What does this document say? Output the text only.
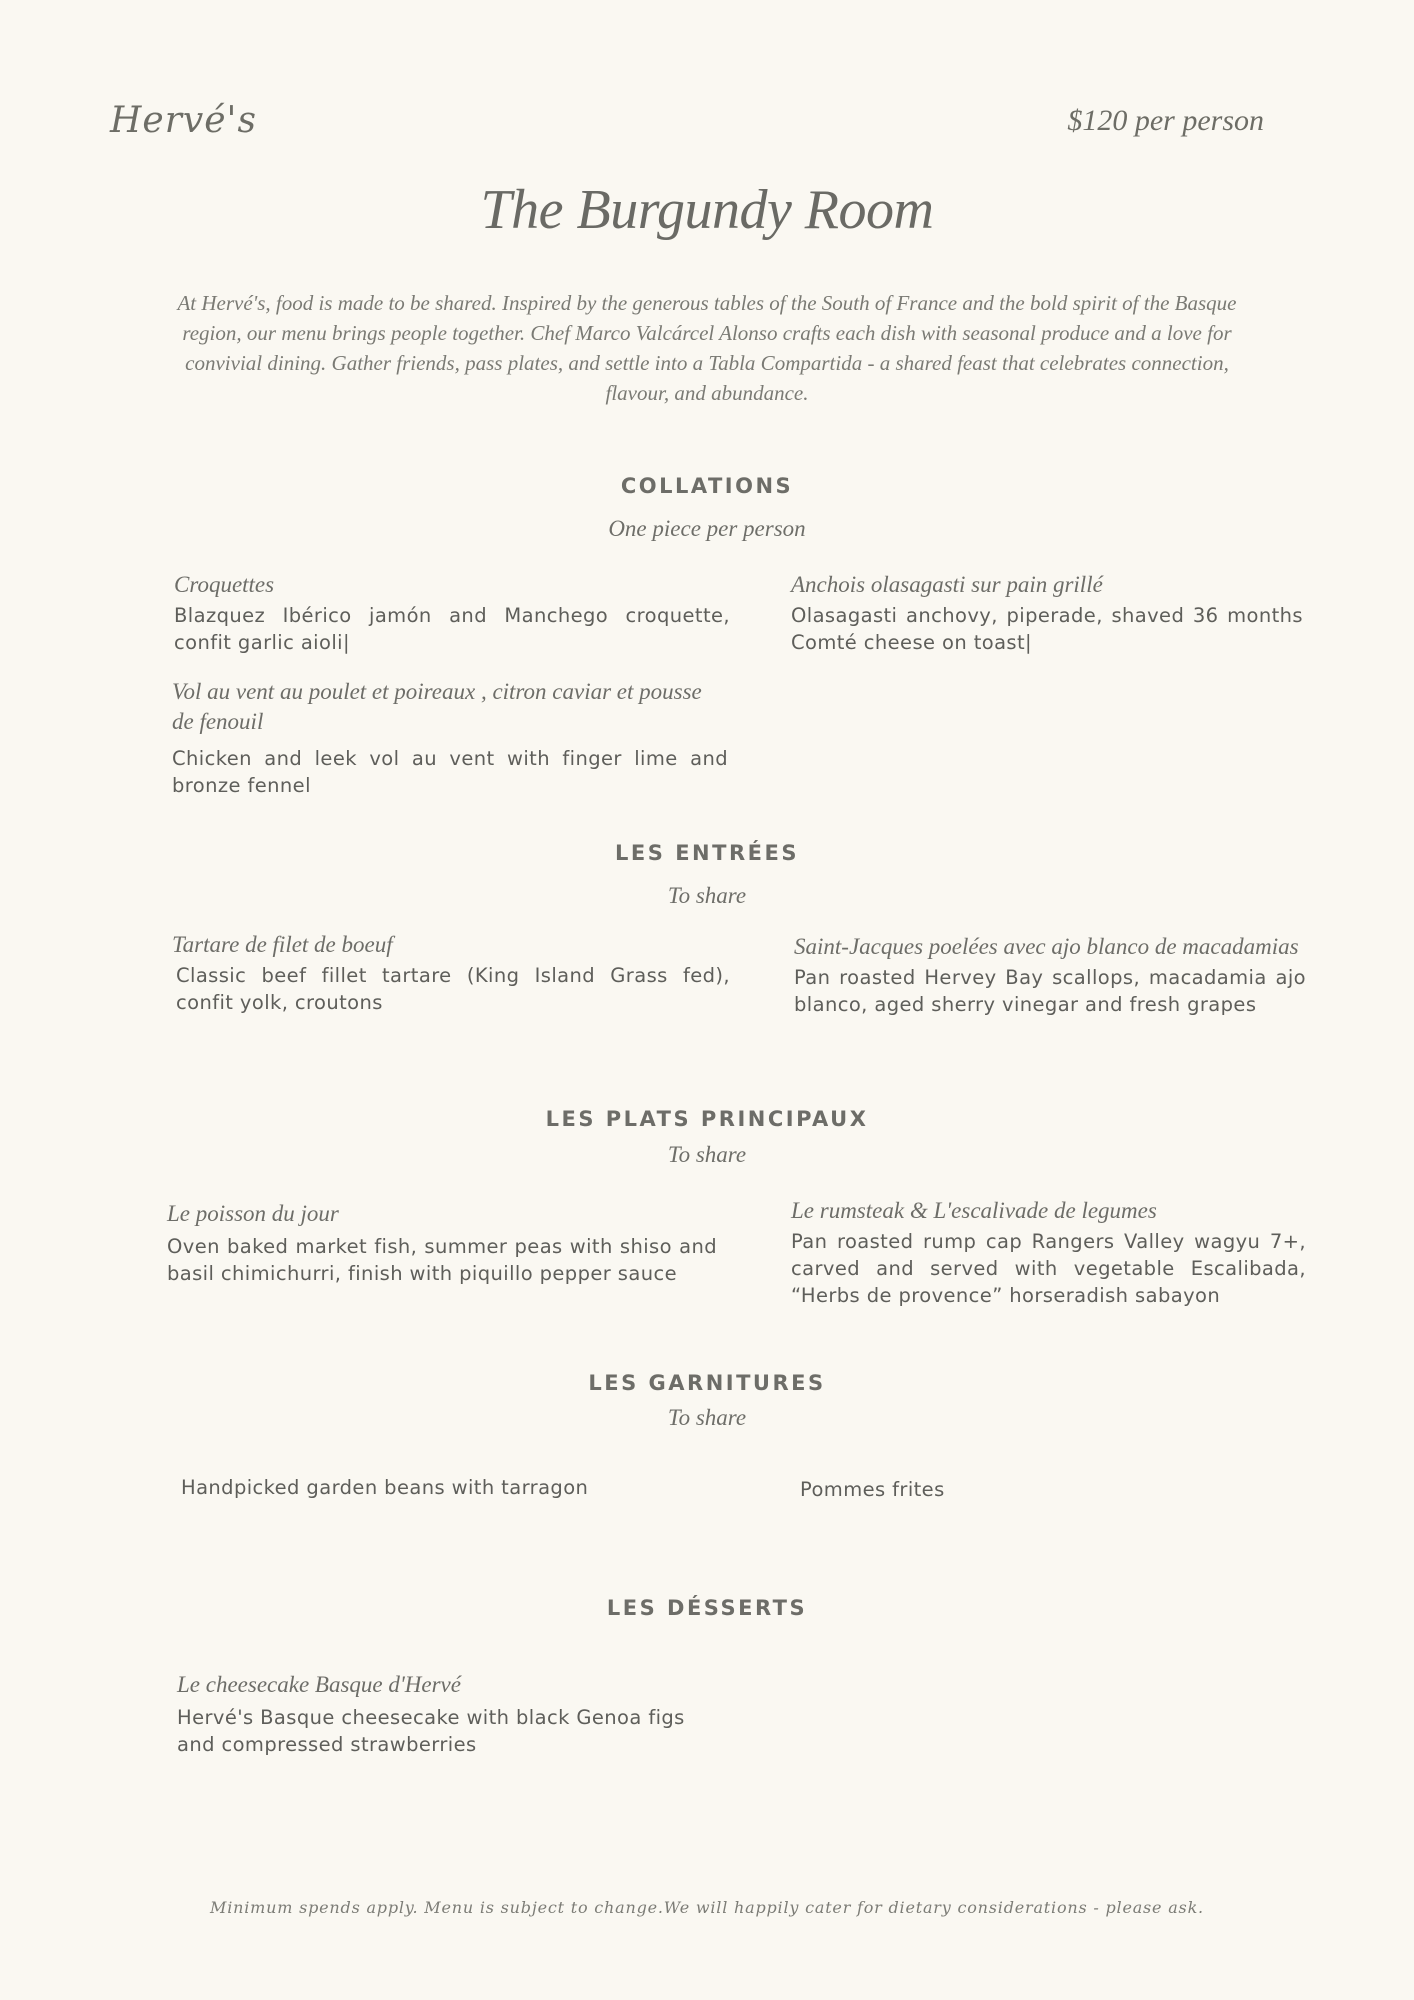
Hervé's	$120 per person
The Burgundy Room
At Hervé's, food is made to be shared. Inspired by the generous tables of the South of France and the bold spirit of the Basque region, our menu brings people together. Chef Marco Valcárcel Alonso crafts each dish with seasonal produce and a love for convivial dining. Gather friends, pass plates, and settle into a Tabla Compartida - a shared feast that celebrates connection, flavour, and abundance.
COLLATIONS
One piece per person
Croquettes
Blazquez Ibérico jamón and Manchego croquette, confit garlic aioli|
Anchois olasagasti sur pain grillé
Olasagasti anchovy, piperade, shaved 36 months Comté cheese on toast|
Vol au vent au poulet et poireaux , citron caviar et pousse de fenouil
Chicken and leek vol au vent with finger lime and bronze fennel
LES ENTRÉES
To share
Tartare de filet de boeuf
Classic beef fillet tartare (King Island Grass fed), confit yolk, croutons
Saint-Jacques poelées avec ajo blanco de macadamias
Pan roasted Hervey Bay scallops, macadamia ajo blanco, aged sherry vinegar and fresh grapes
LES PLATS PRINCIPAUX
To share
Le poisson du jour
Oven baked market fish, summer peas with shiso and basil chimichurri, finish with piquillo pepper sauce
Le rumsteak & L'escalivade de legumes
Pan roasted rump cap Rangers Valley wagyu 7+, carved and served with vegetable Escalibada, “Herbs de provence” horseradish sabayon
LES GARNITURES
To share
Handpicked garden beans with tarragon	Pommes frites
LES DÉSSERTS
Le cheesecake Basque d'Hervé
Hervé's Basque cheesecake with black Genoa figs and compressed strawberries
Minimum spends apply. Menu is subject to change.We will happily cater for dietary considerations - please ask.
